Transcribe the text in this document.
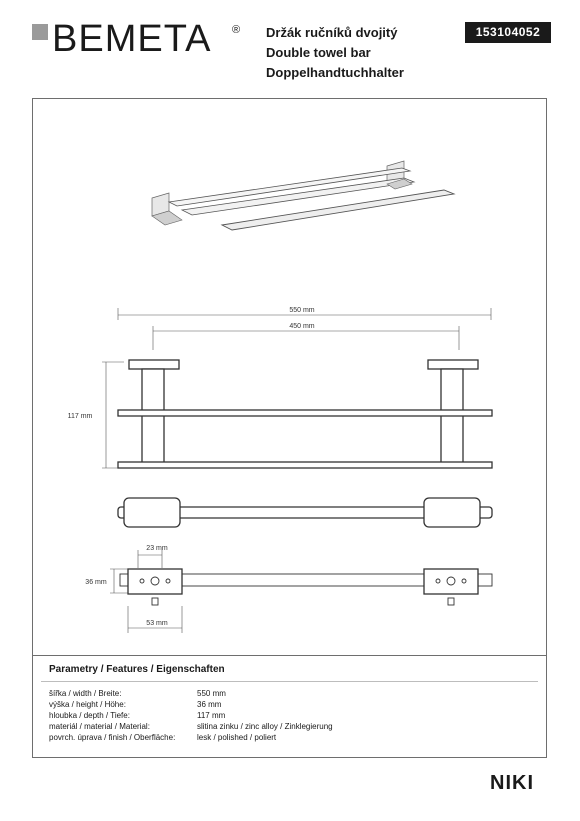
BEMETA ® Držák ručníků dvojitý
Double towel bar
Doppelhandtuchhalter
153104052
550 mm
450 mm
117 mm
23 mm
36 mm
53 mm
Parametry / Features / Eigenschaften
šířka / width / Breite:	550 mm
výška / height / Höhe:	36 mm
hloubka / depth / Tiefe:	117 mm
materiál / material / Material:	slitina zinku / zinc alloy / Zinklegierung
povrch. úprava / finish / Oberfläche:	lesk / polished / poliert
NIKI
